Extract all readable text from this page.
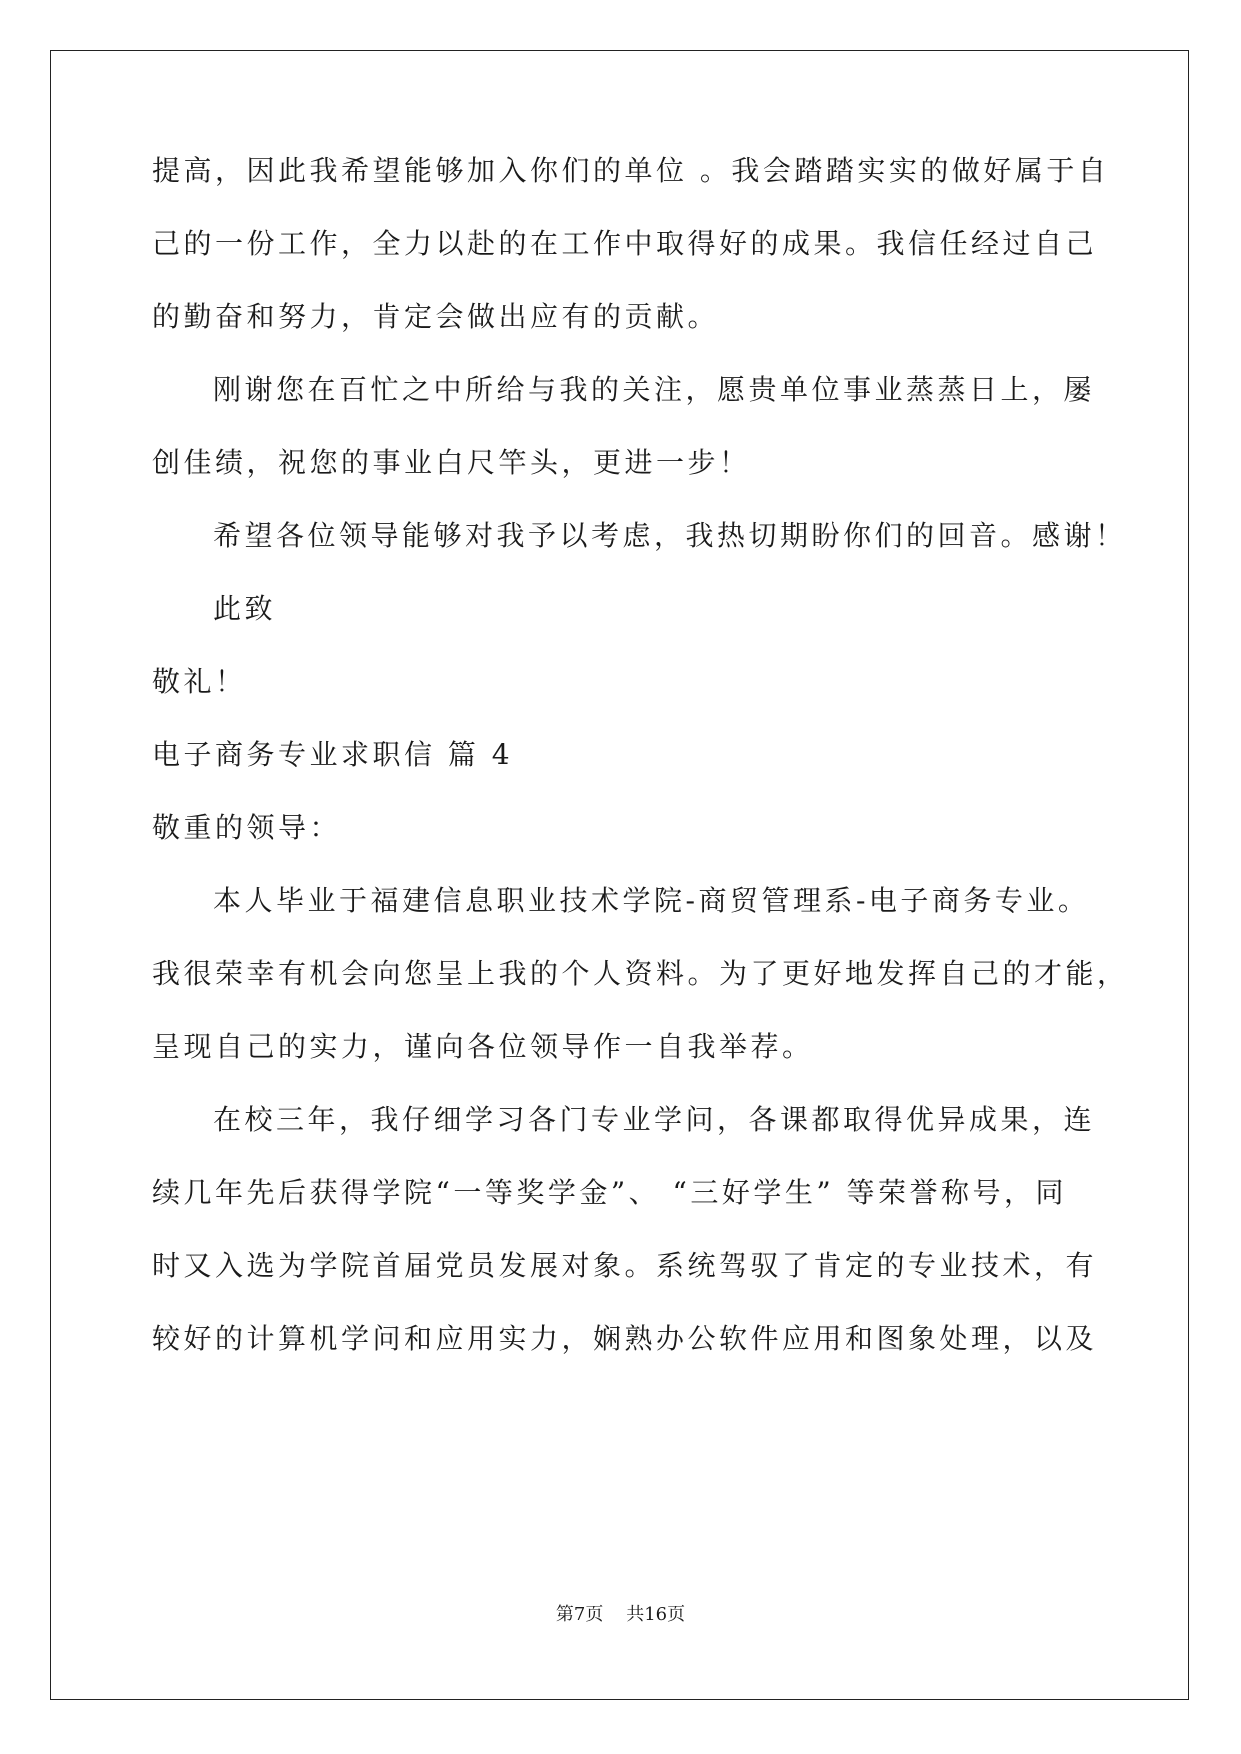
提高，因此我希望能够加入你们的单位 。我会踏踏实实的做好属于自
己的一份工作，全力以赴的在工作中取得好的成果。我信任经过自己
的勤奋和努力，肯定会做出应有的贡献。
刚谢您在百忙之中所给与我的关注，愿贵单位事业蒸蒸日上，屡
创佳绩，祝您的事业白尺竿头，更进一步！
希望各位领导能够对我予以考虑，我热切期盼你们的回音。感谢！
此致
敬礼！
电子商务专业求职信 篇 4
敬重的领导：
本人毕业于福建信息职业技术学院-商贸管理系-电子商务专业。
我很荣幸有机会向您呈上我的个人资料。为了更好地发挥自己的才能，
呈现自己的实力，谨向各位领导作一自我举荐。
在校三年，我仔细学习各门专业学问，各课都取得优异成果，连
续几年先后获得学院“一等奖学金”、 “三好学生” 等荣誉称号，同
时又入选为学院首届党员发展对象。系统驾驭了肯定的专业技术，有
较好的计算机学问和应用实力，娴熟办公软件应用和图象处理，以及
第7页    共16页
